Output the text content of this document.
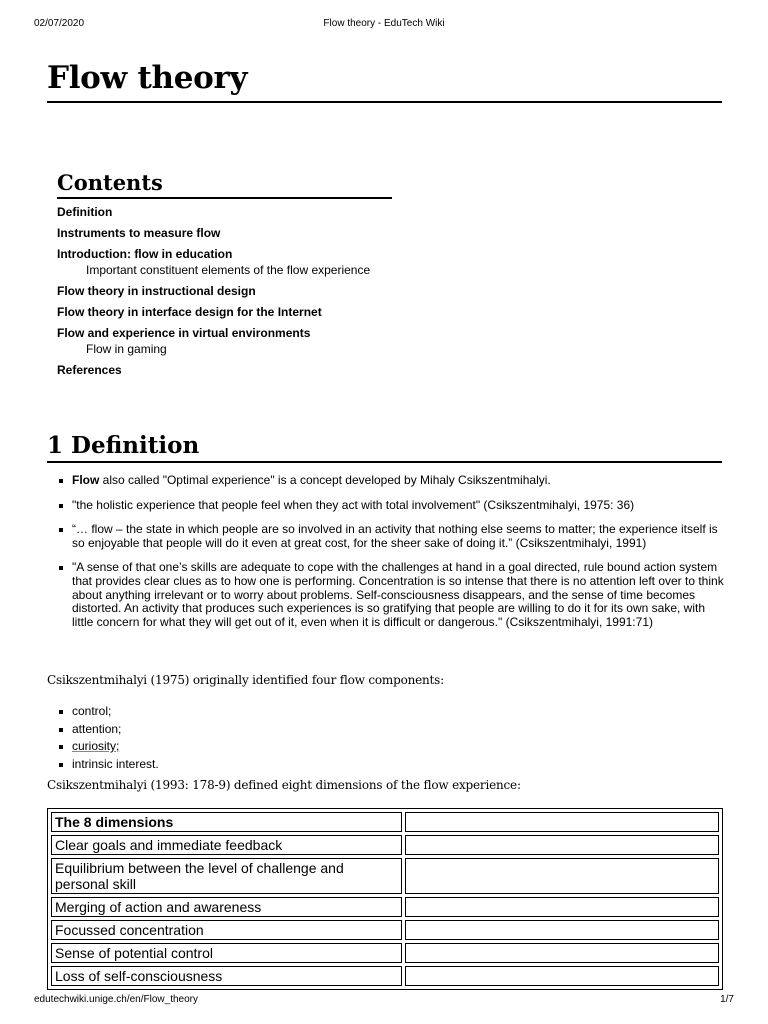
02/07/2020	Flow theory - EduTech Wiki
Flow theory
Contents
Definition
Instruments to measure flow
Introduction: flow in education
Important constituent elements of the flow experience
Flow theory in instructional design
Flow theory in interface design for the Internet
Flow and experience in virtual environments
Flow in gaming
References
1 Definition
Flow also called "Optimal experience" is a concept developed by Mihaly Csikszentmihalyi.
"the holistic experience that people feel when they act with total involvement" (Csikszentmihalyi, 1975: 36)
“… flow – the state in which people are so involved in an activity that nothing else seems to matter; the experience itself is so enjoyable that people will do it even at great cost, for the sheer sake of doing it.” (Csikszentmihalyi, 1991)
"A sense of that one’s skills are adequate to cope with the challenges at hand in a goal directed, rule bound action system that provides clear clues as to how one is performing. Concentration is so intense that there is no attention left over to think about anything irrelevant or to worry about problems. Self-consciousness disappears, and the sense of time becomes distorted. An activity that produces such experiences is so gratifying that people are willing to do it for its own sake, with little concern for what they will get out of it, even when it is difficult or dangerous." (Csikszentmihalyi, 1991:71)

Csikszentmihalyi (1975) originally identified four flow components:

control;
attention;
curiosity;
intrinsic interest.

Csikszentmihalyi (1993: 178-9) defined eight dimensions of the flow experience:

The 8 dimensions	
Clear goals and immediate feedback	
Equilibrium between the level of challenge and personal skill	
Merging of action and awareness	
Focussed concentration	
Sense of potential control	
Loss of self-consciousness	
edutechwiki.unige.ch/en/Flow_theory	1/7
